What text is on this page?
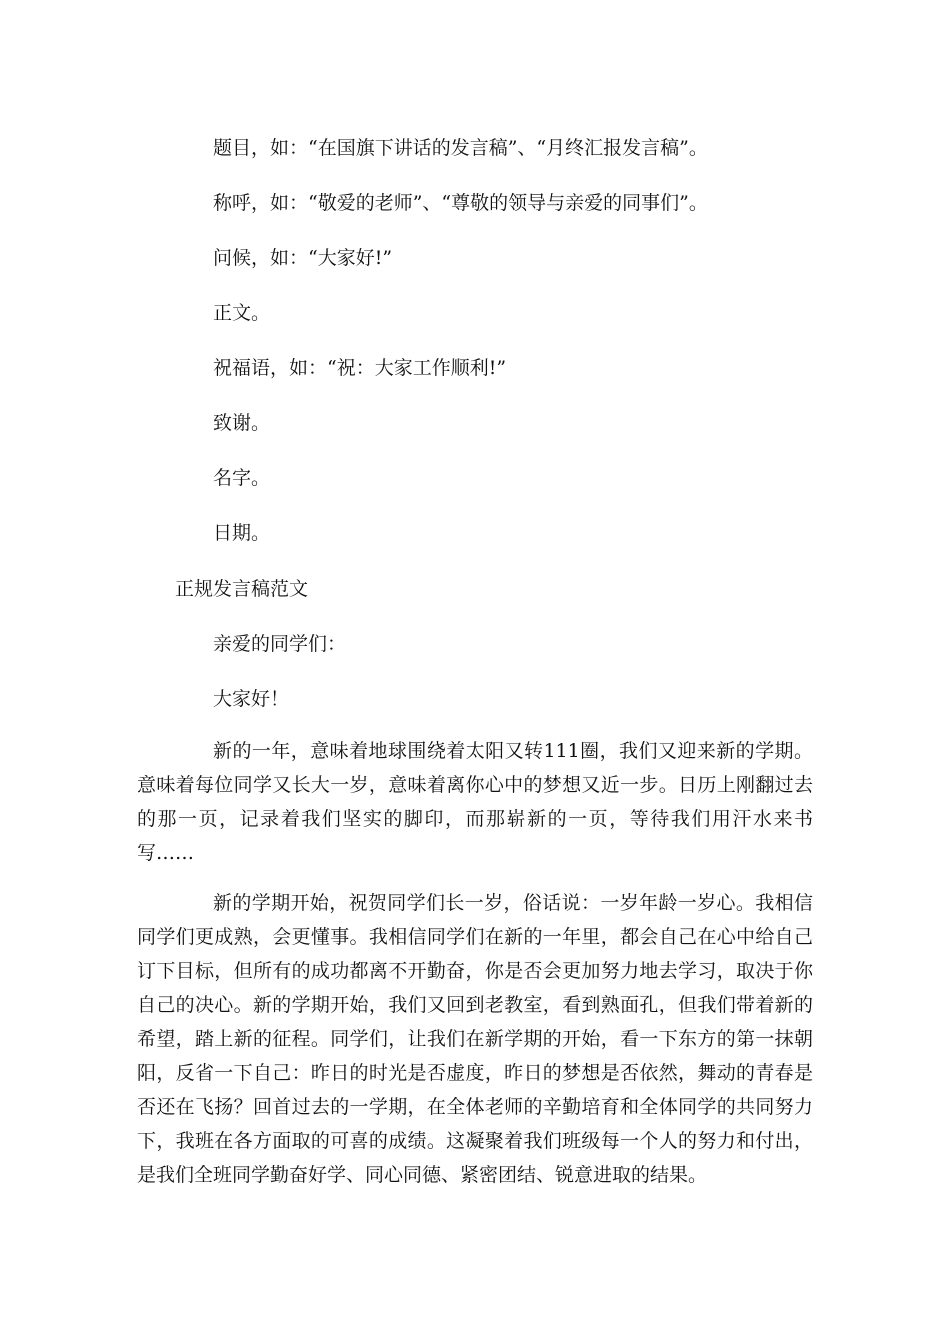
题目，如：“在国旗下讲话的发言稿”、“月终汇报发言稿”。

称呼，如：“敬爱的老师”、“尊敬的领导与亲爱的同事们”。

问候，如：“大家好!”

正文。

祝福语，如：“祝：大家工作顺利!”

致谢。

名字。

日期。

正规发言稿范文

亲爱的同学们：

大家好！

新的一年，意味着地球围绕着太阳又转111圈，我们又迎来新的学期。意味着每位同学又长大一岁，意味着离你心中的梦想又近一步。日历上刚翻过去的那一页，记录着我们坚实的脚印，而那崭新的一页，等待我们用汗水来书写……

新的学期开始，祝贺同学们长一岁，俗话说：一岁年龄一岁心。我相信同学们更成熟，会更懂事。我相信同学们在新的一年里，都会自己在心中给自己订下目标，但所有的成功都离不开勤奋，你是否会更加努力地去学习，取决于你自己的决心。新的学期开始，我们又回到老教室，看到熟面孔，但我们带着新的希望，踏上新的征程。同学们，让我们在新学期的开始，看一下东方的第一抹朝阳，反省一下自己：昨日的时光是否虚度，昨日的梦想是否依然，舞动的青春是否还在飞扬？回首过去的一学期，在全体老师的辛勤培育和全体同学的共同努力下，我班在各方面取的可喜的成绩。这凝聚着我们班级每一个人的努力和付出，是我们全班同学勤奋好学、同心同德、紧密团结、锐意进取的结果。
